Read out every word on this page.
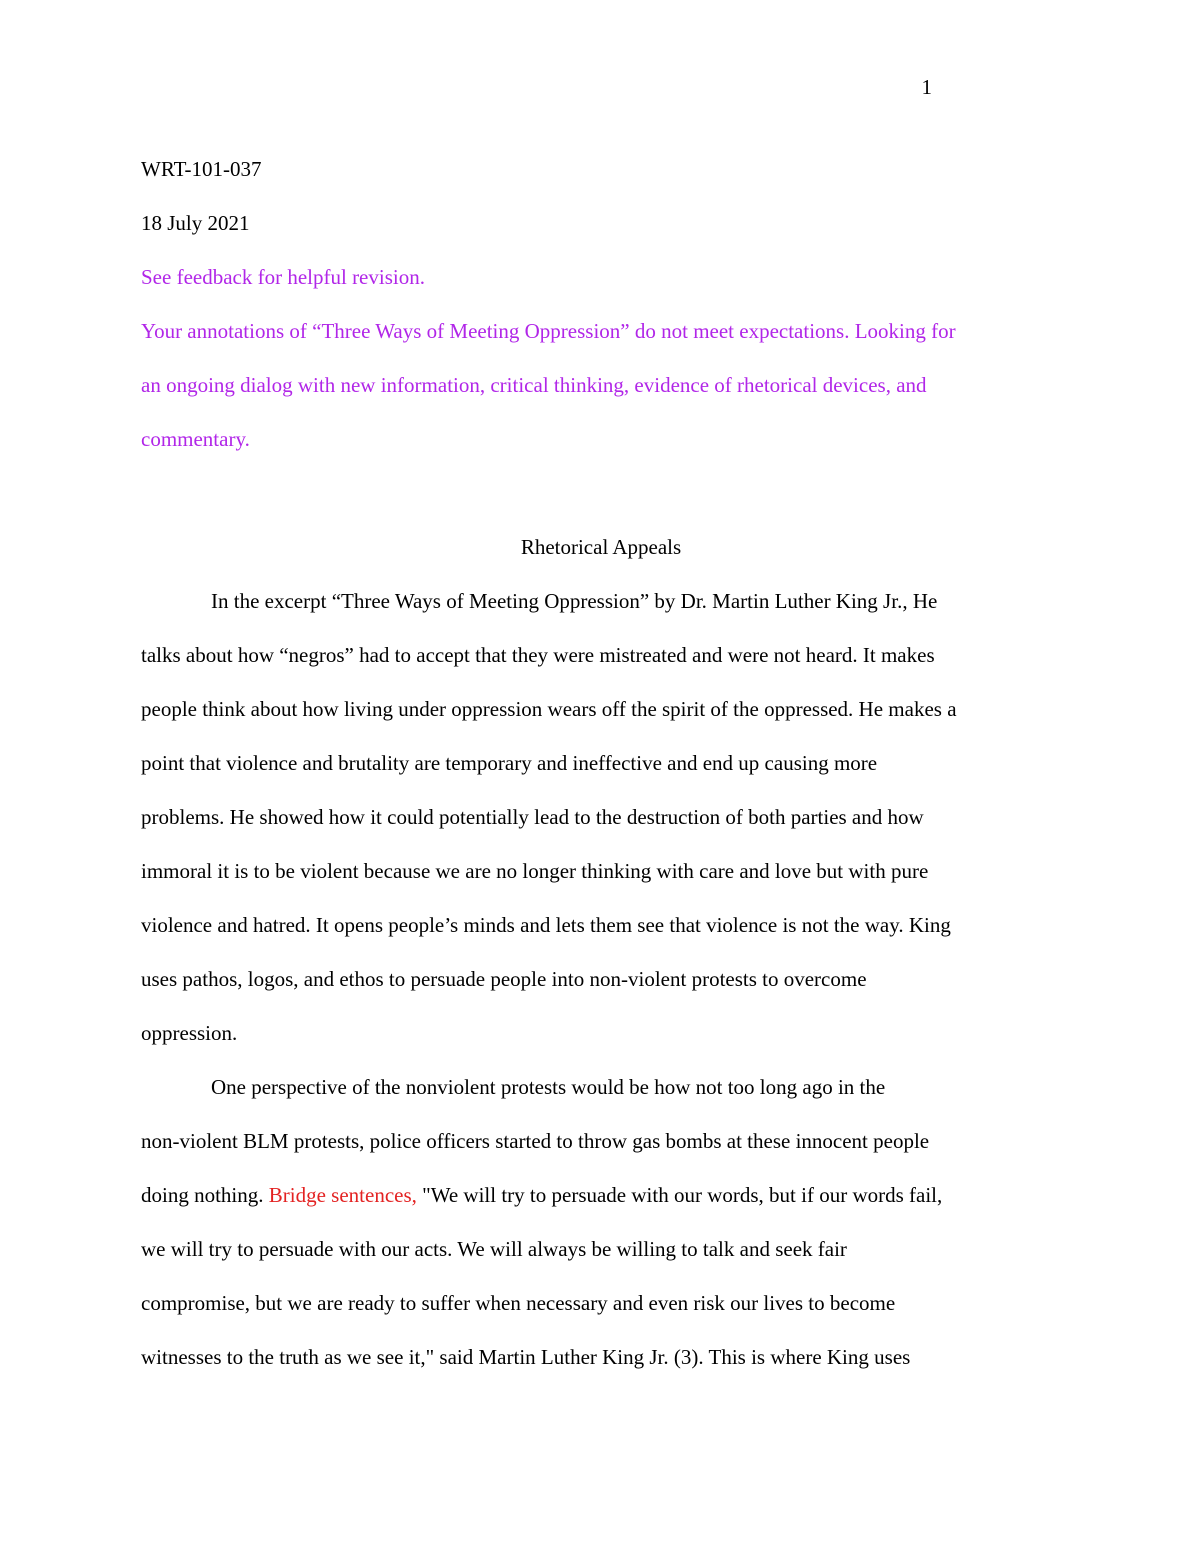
1

WRT-101-037

18 July 2021

See feedback for helpful revision.

Your annotations of “Three Ways of Meeting Oppression” do not meet expectations. Looking for

an ongoing dialog with new information, critical thinking, evidence of rhetorical devices, and

commentary.

Rhetorical Appeals

In the excerpt “Three Ways of Meeting Oppression” by Dr. Martin Luther King Jr., He

talks about how “negros” had to accept that they were mistreated and were not heard. It makes

people think about how living under oppression wears off the spirit of the oppressed. He makes a

point that violence and brutality are temporary and ineffective and end up causing more

problems. He showed how it could potentially lead to the destruction of both parties and how

immoral it is to be violent because we are no longer thinking with care and love but with pure

violence and hatred. It opens people’s minds and lets them see that violence is not the way. King

uses pathos, logos, and ethos to persuade people into non-violent protests to overcome

oppression.

One perspective of the nonviolent protests would be how not too long ago in the

non-violent BLM protests, police officers started to throw gas bombs at these innocent people

doing nothing. Bridge sentences, "We will try to persuade with our words, but if our words fail,

we will try to persuade with our acts. We will always be willing to talk and seek fair

compromise, but we are ready to suffer when necessary and even risk our lives to become

witnesses to the truth as we see it," said Martin Luther King Jr. (3). This is where King uses
